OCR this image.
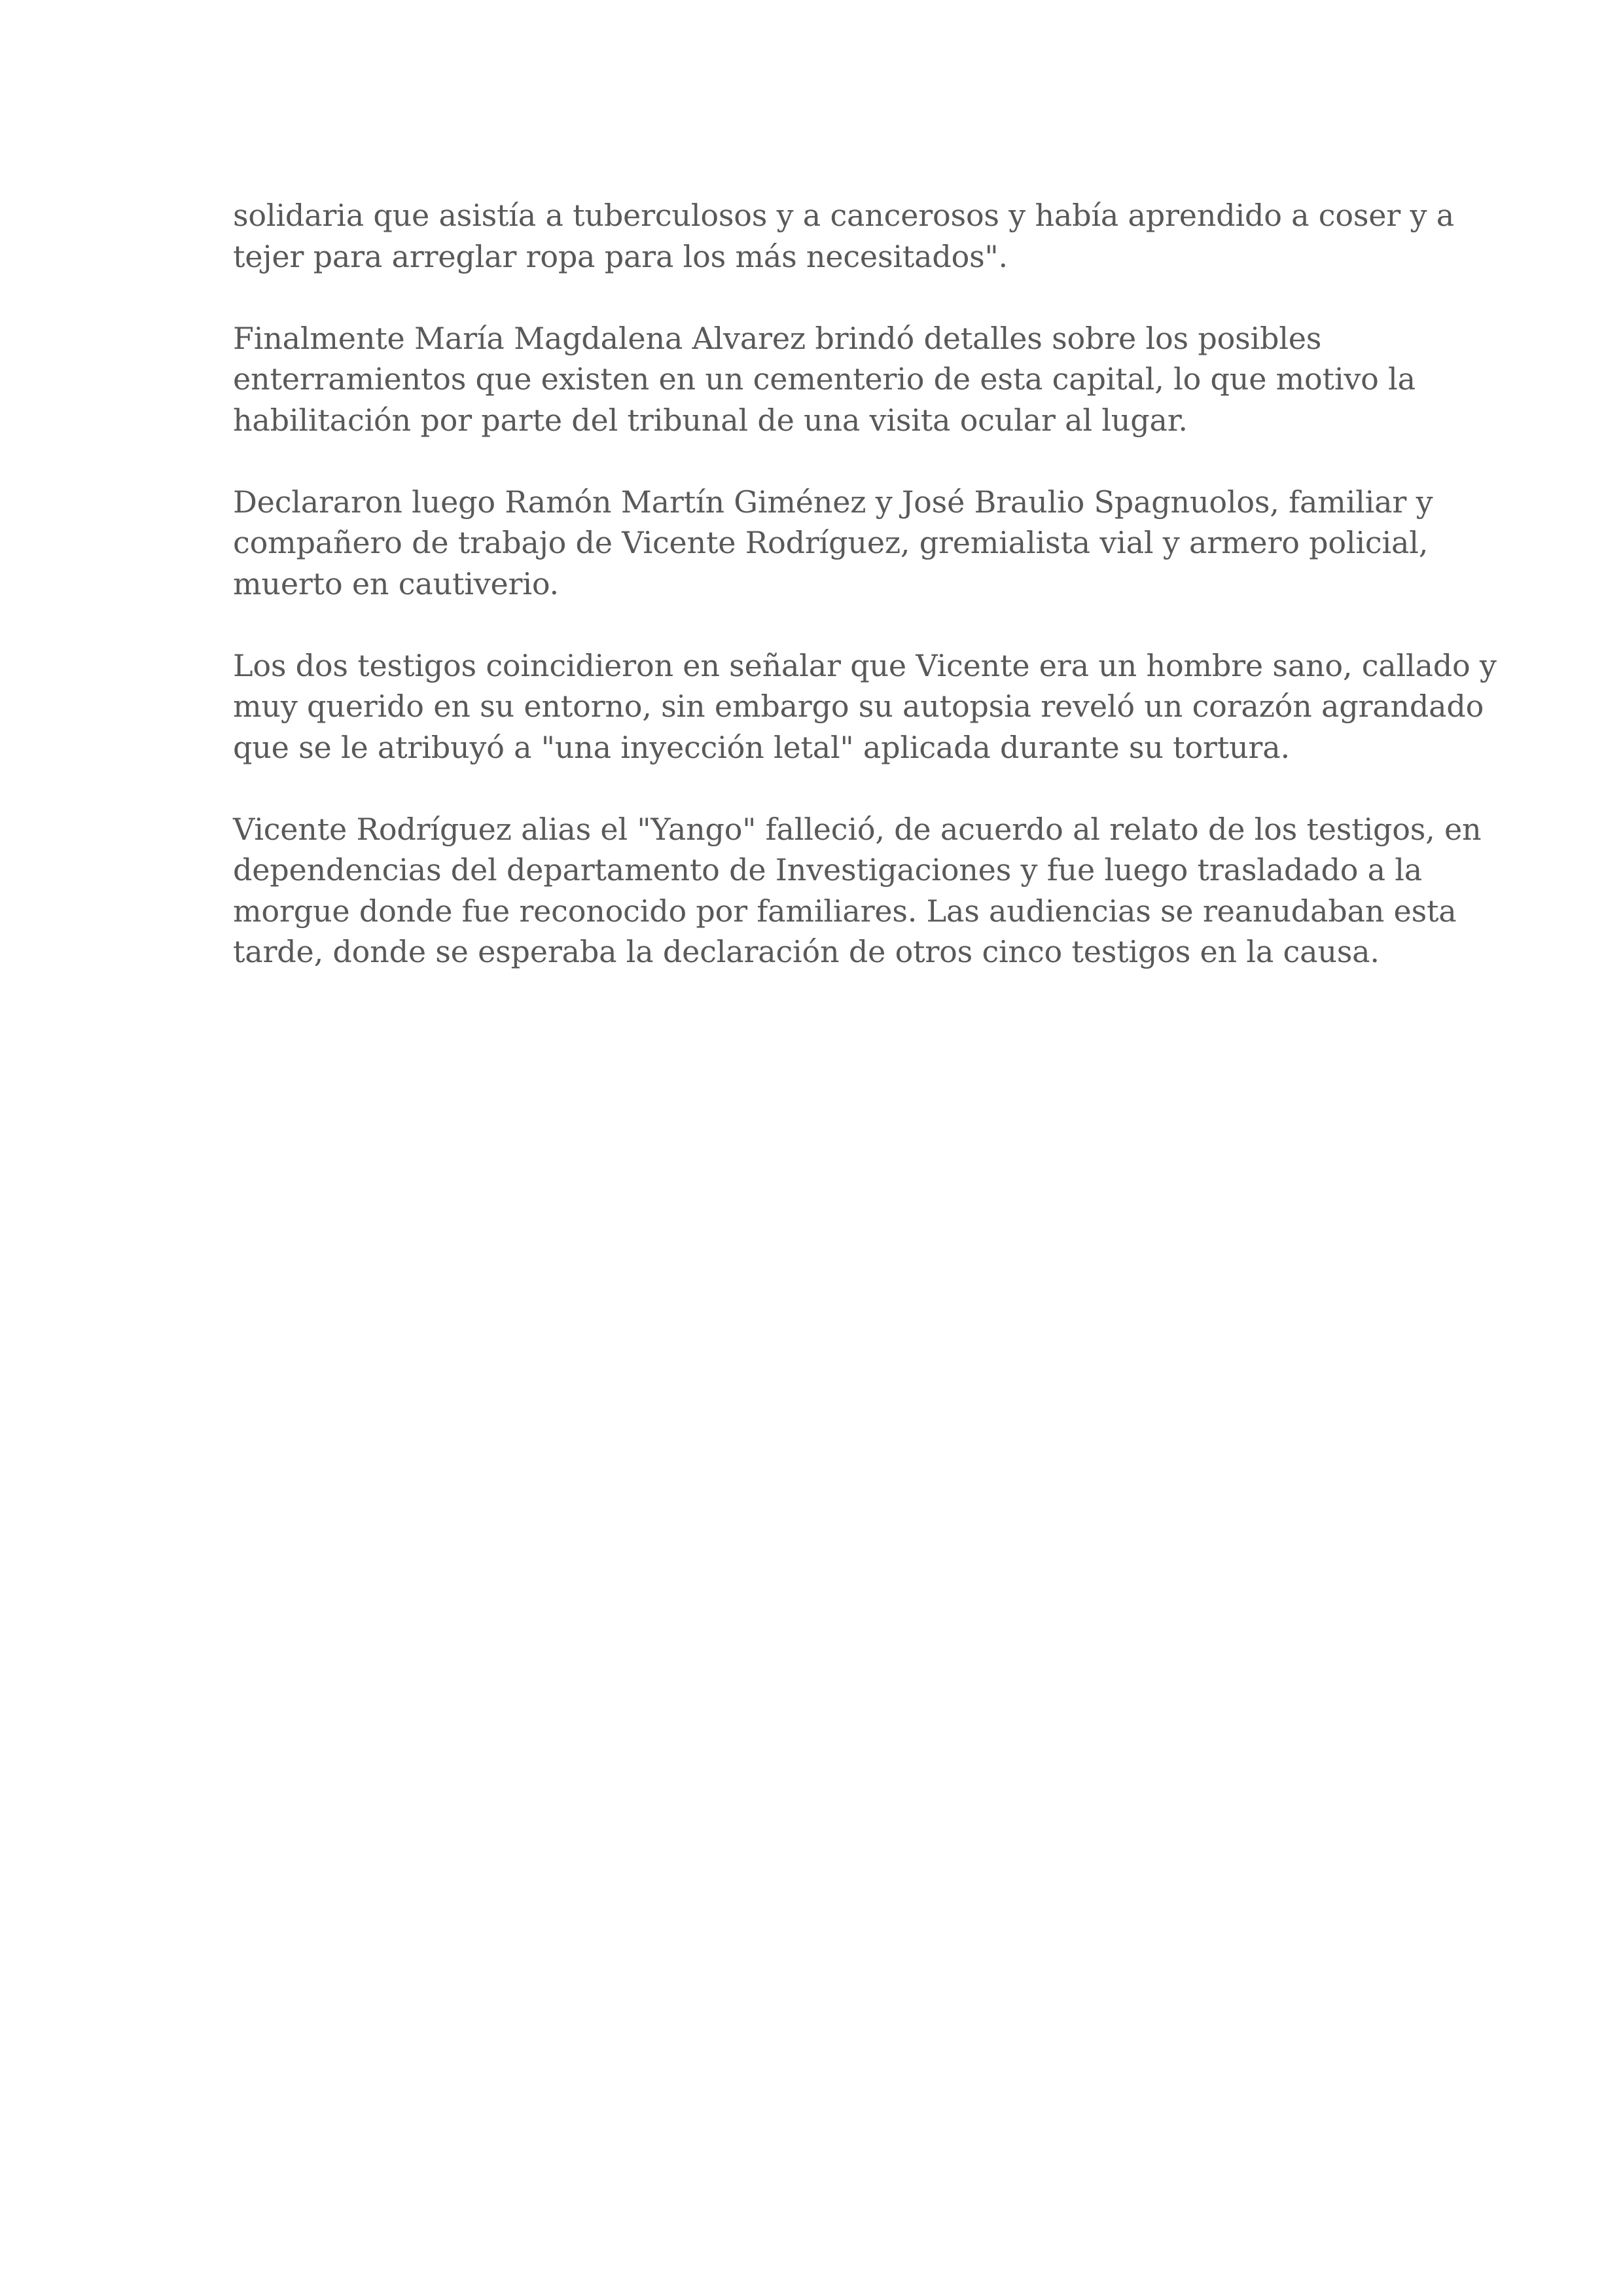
solidaria que asistía a tuberculosos y a cancerosos y había aprendido a coser y a
tejer para arreglar ropa para los más necesitados".

Finalmente María Magdalena Alvarez brindó detalles sobre los posibles
enterramientos que existen en un cementerio de esta capital, lo que motivo la
habilitación por parte del tribunal de una visita ocular al lugar.

Declararon luego Ramón Martín Giménez y José Braulio Spagnuolos, familiar y
compañero de trabajo de Vicente Rodríguez, gremialista vial y armero policial,
muerto en cautiverio.

Los dos testigos coincidieron en señalar que Vicente era un hombre sano, callado y
muy querido en su entorno, sin embargo su autopsia reveló un corazón agrandado
que se le atribuyó a "una inyección letal" aplicada durante su tortura.

Vicente Rodríguez alias el "Yango" falleció, de acuerdo al relato de los testigos, en
dependencias del departamento de Investigaciones y fue luego trasladado a la
morgue donde fue reconocido por familiares. Las audiencias se reanudaban esta
tarde, donde se esperaba la declaración de otros cinco testigos en la causa.
